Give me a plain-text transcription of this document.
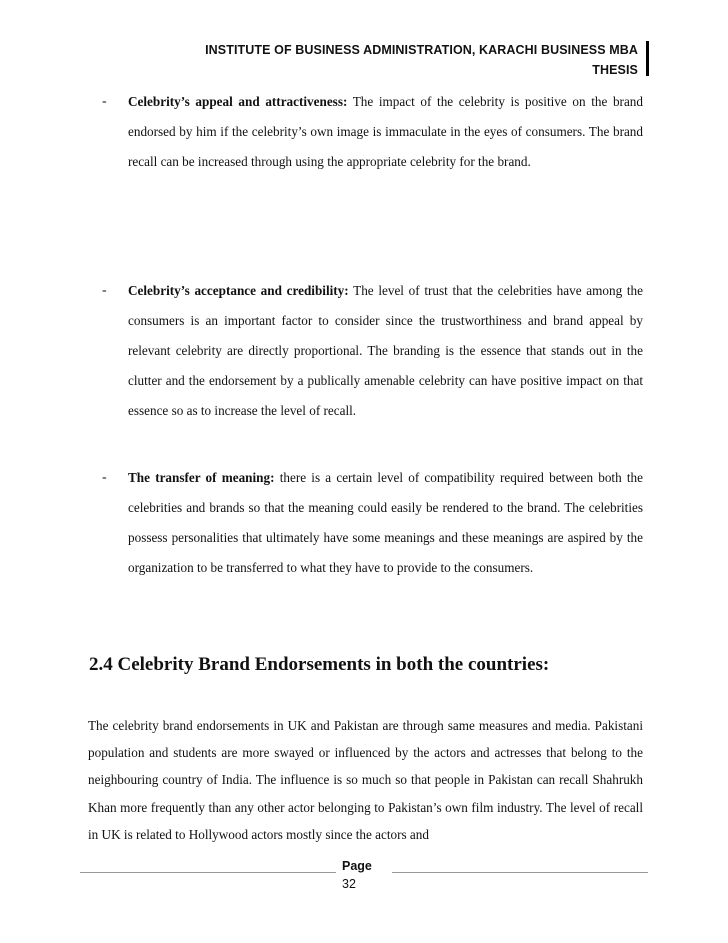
INSTITUTE OF BUSINESS ADMINISTRATION, KARACHI BUSINESS MBA
THESIS
-	Celebrity’s appeal and attractiveness: The impact of the celebrity is positive on the brand endorsed by him if the celebrity’s own image is immaculate in the eyes of consumers. The brand recall can be increased through using the appropriate celebrity for the brand.

-	Celebrity’s acceptance and credibility: The level of trust that the celebrities have among the consumers is an important factor to consider since the trustworthiness and brand appeal by relevant celebrity are directly proportional. The branding is the essence that stands out in the clutter and the endorsement by a publically amenable celebrity can have positive impact on that essence so as to increase the level of recall.

-	The transfer of meaning: there is a certain level of compatibility required between both the celebrities and brands so that the meaning could easily be rendered to the brand. The celebrities possess personalities that ultimately have some meanings and these meanings are aspired by the organization to be transferred to what they have to provide to the consumers.

2.4 Celebrity Brand Endorsements in both the countries:

The celebrity brand endorsements in UK and Pakistan are through same measures and media. Pakistani population and students are more swayed or influenced by the actors and actresses that belong to the neighbouring country of India. The influence is so much so that people in Pakistan can recall Shahrukh Khan more frequently than any other actor belonging to Pakistan’s own film industry. The level of recall in UK is related to Hollywood actors mostly since the actors and

Page
32
